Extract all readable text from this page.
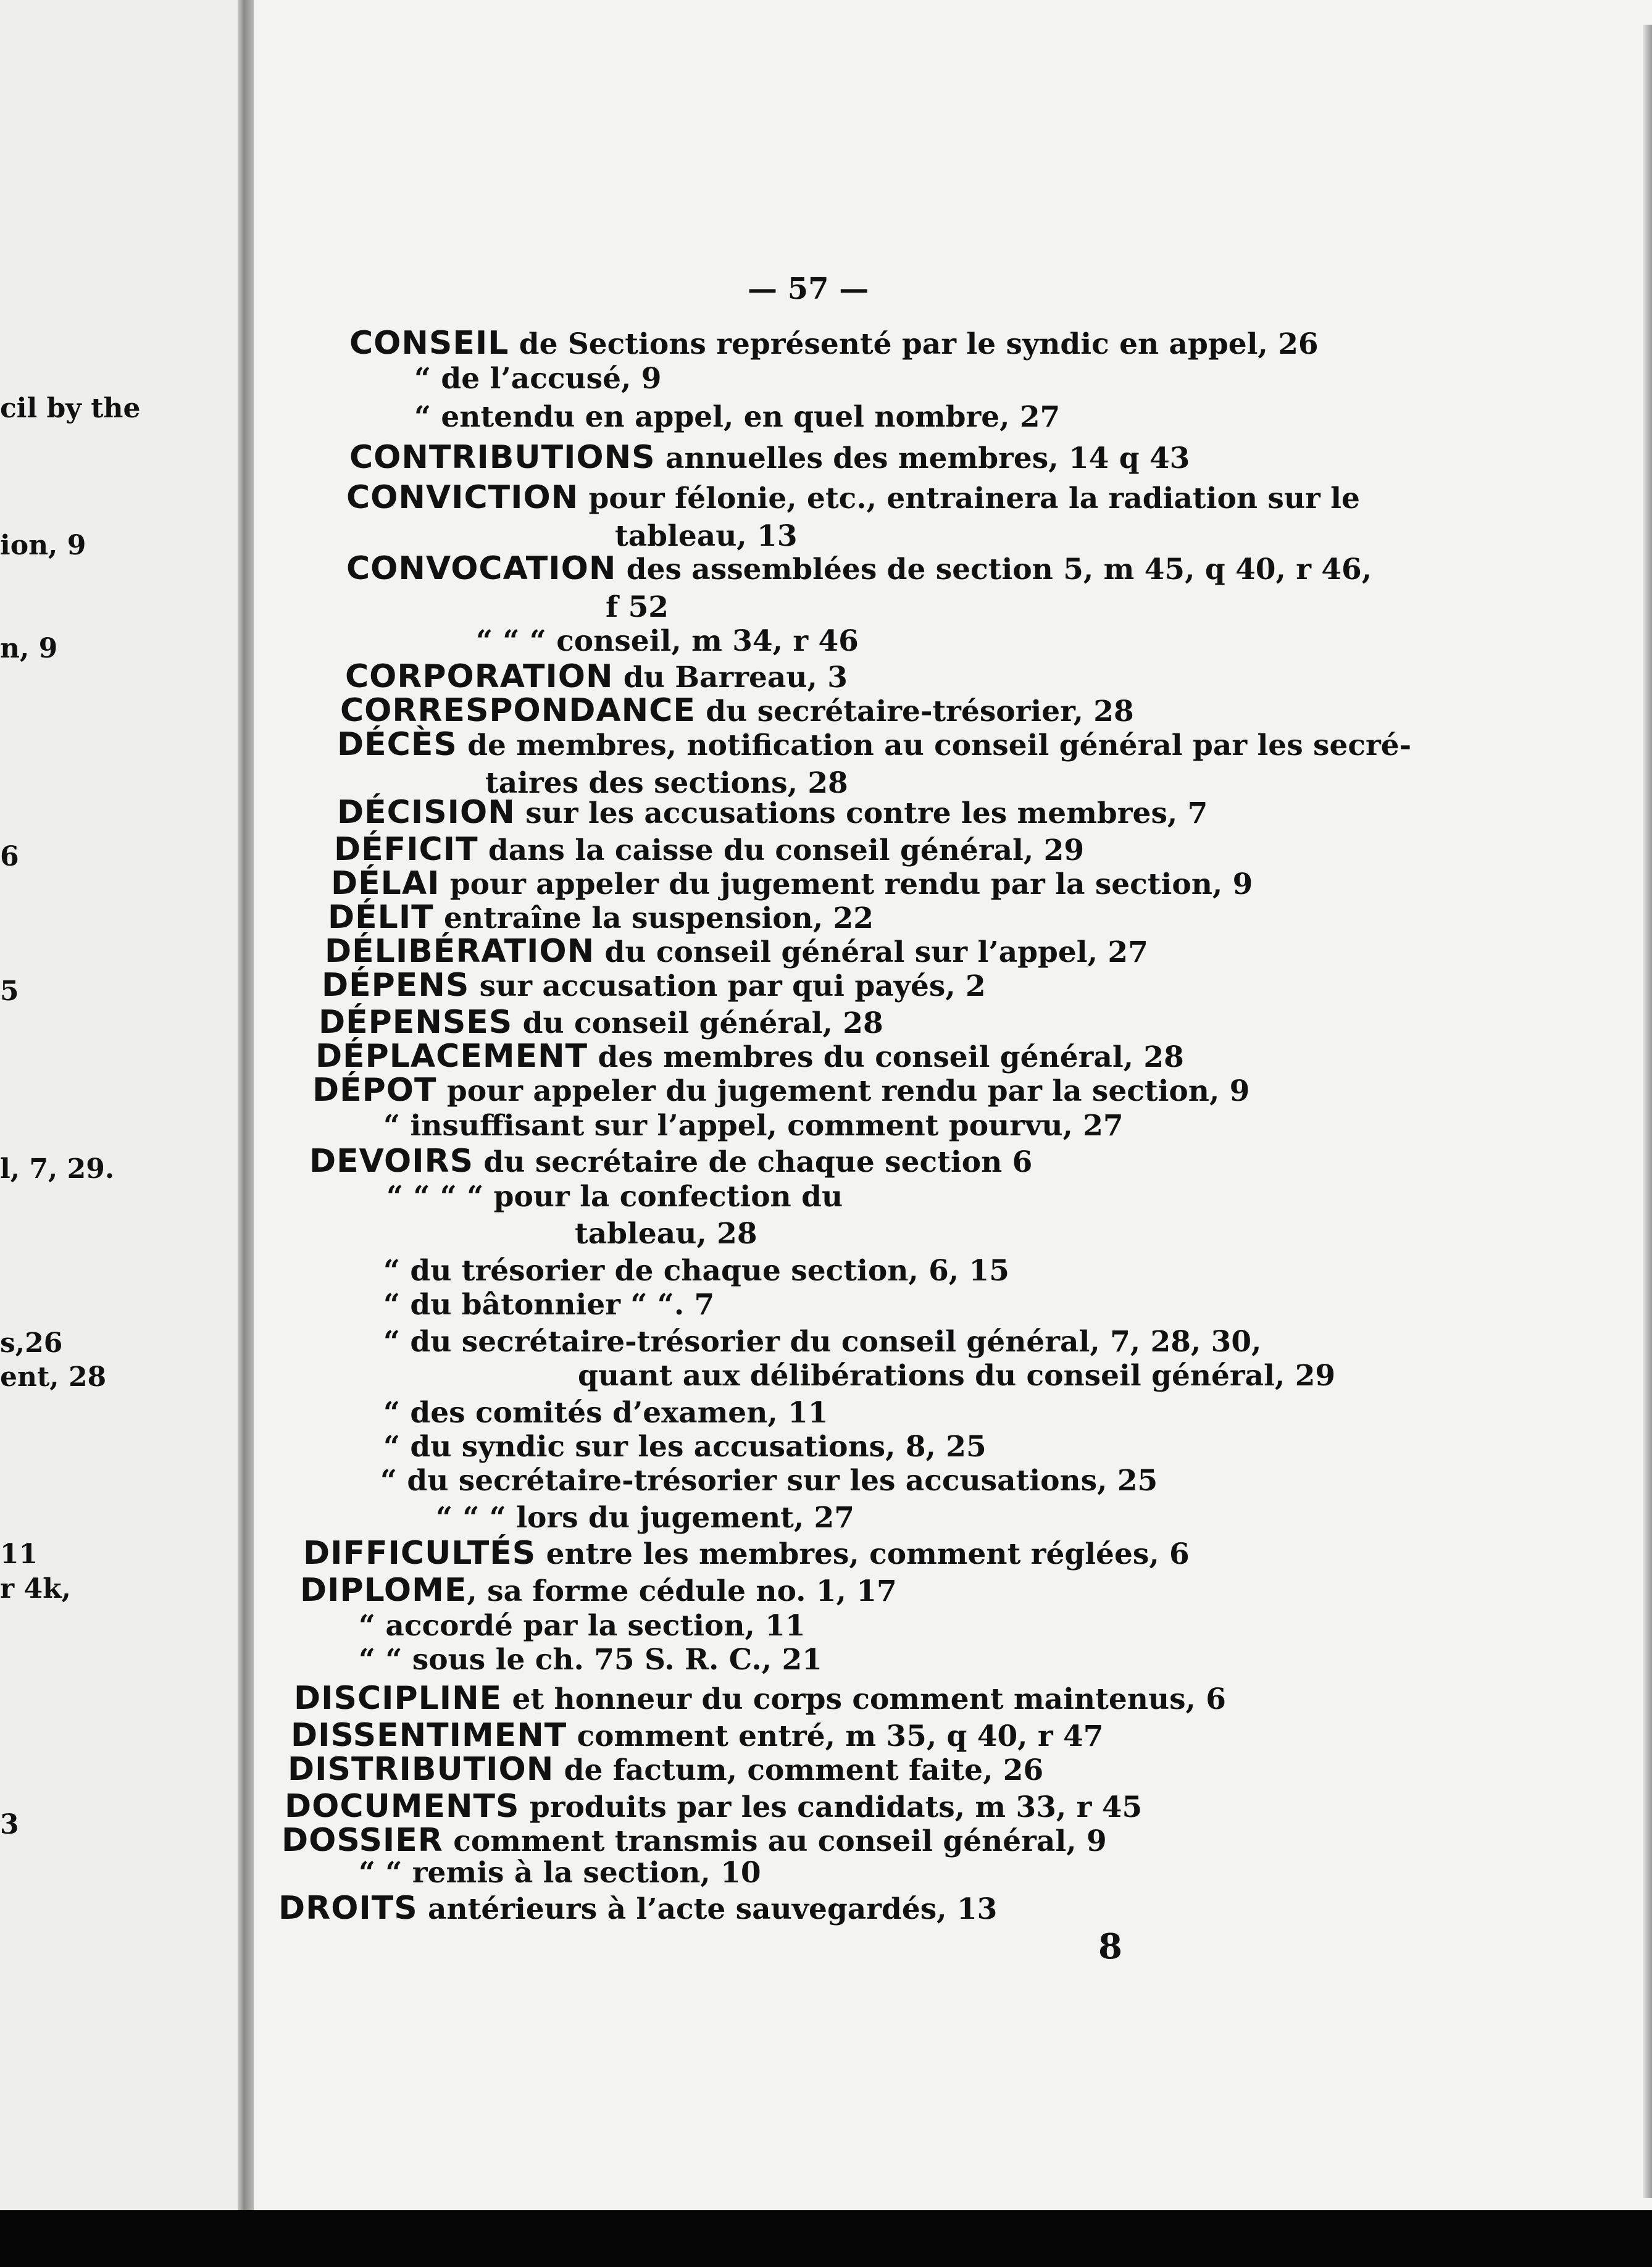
cil by the
ion, 9
n, 9
6
5
l, 7, 29.
s,26
ent, 28
11
r 4k,
3
— 57 —
CONSEIL de Sections représenté par le syndic en appel, 26
“ de l’accusé, 9
“ entendu en appel, en quel nombre, 27
CONTRIBUTIONS annuelles des membres, 14 q 43
CONVICTION pour félonie, etc., entrainera la radiation sur le
tableau, 13
CONVOCATION des assemblées de section 5, m 45, q 40, r 46,
f 52
“ “ “ conseil, m 34, r 46
CORPORATION du Barreau, 3
CORRESPONDANCE du secrétaire-trésorier, 28
DÉCÈS de membres, notification au conseil général par les secré-
taires des sections, 28
DÉCISION sur les accusations contre les membres, 7
DÉFICIT dans la caisse du conseil général, 29
DÉLAI pour appeler du jugement rendu par la section, 9
DÉLIT entraîne la suspension, 22
DÉLIBÉRATION du conseil général sur l’appel, 27
DÉPENS sur accusation par qui payés, 2
DÉPENSES du conseil général, 28
DÉPLACEMENT des membres du conseil général, 28
DÉPOT pour appeler du jugement rendu par la section, 9
“ insuffisant sur l’appel, comment pourvu, 27
DEVOIRS du secrétaire de chaque section 6
“ “ “ “ pour la confection du
tableau, 28
“ du trésorier de chaque section, 6, 15
“ du bâtonnier “ “. 7
“ du secrétaire-trésorier du conseil général, 7, 28, 30,
quant aux délibérations du conseil général, 29
“ des comités d’examen, 11
“ du syndic sur les accusations, 8, 25
“ du secrétaire-trésorier sur les accusations, 25
“ “ “ lors du jugement, 27
DIFFICULTÉS entre les membres, comment réglées, 6
DIPLOME, sa forme cédule no. 1, 17
“ accordé par la section, 11
“ “ sous le ch. 75 S. R. C., 21
DISCIPLINE et honneur du corps comment maintenus, 6
DISSENTIMENT comment entré, m 35, q 40, r 47
DISTRIBUTION de factum, comment faite, 26
DOCUMENTS produits par les candidats, m 33, r 45
DOSSIER comment transmis au conseil général, 9
“ “ remis à la section, 10
DROITS antérieurs à l’acte sauvegardés, 13
8
